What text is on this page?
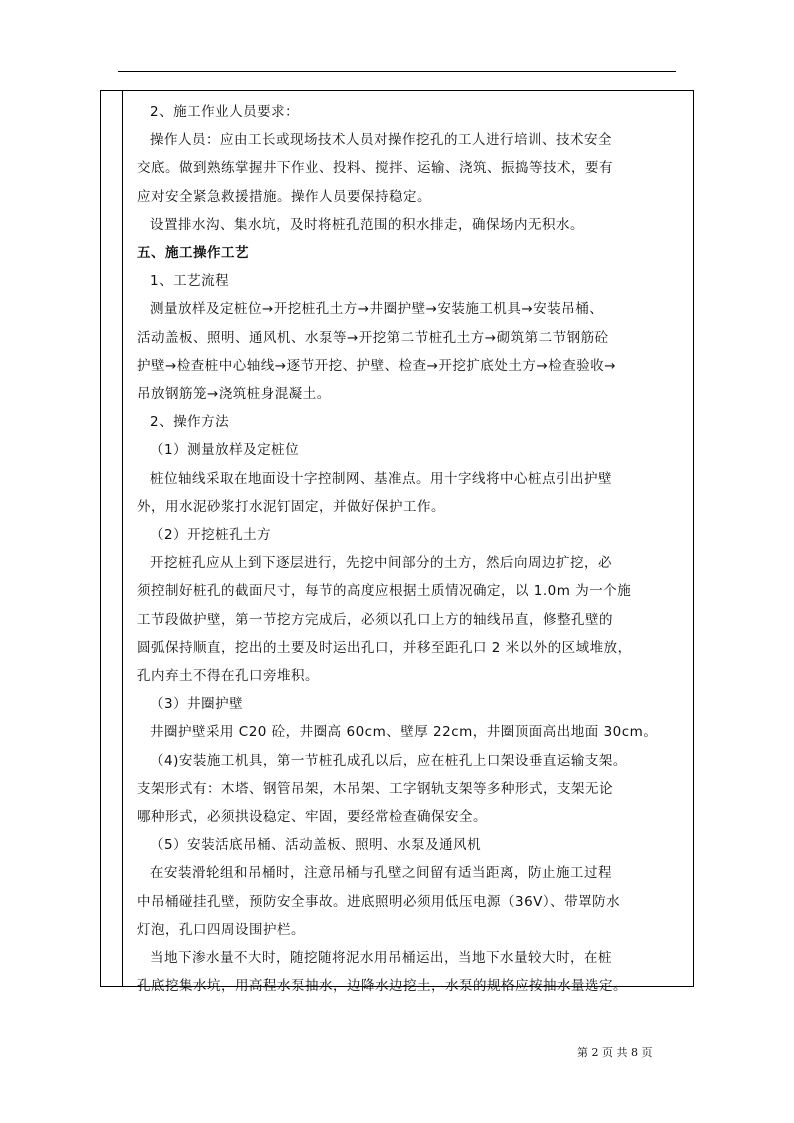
2、施工作业人员要求：

操作人员：应由工长或现场技术人员对操作挖孔的工人进行培训、技术安全

交底。做到熟练掌握井下作业、投料、搅拌、运输、浇筑、振捣等技术，要有

应对安全紧急救援措施。操作人员要保持稳定。

设置排水沟、集水坑，及时将桩孔范围的积水排走，确保场内无积水。

五、施工操作工艺

1、工艺流程

测量放样及定桩位→开挖桩孔土方→井圈护壁→安装施工机具→安装吊桶、

活动盖板、照明、通风机、水泵等→开挖第二节桩孔土方→砌筑第二节钢筋砼

护壁→检查桩中心轴线→逐节开挖、护壁、检查→开挖扩底处土方→检查验收→

吊放钢筋笼→浇筑桩身混凝土。

2、操作方法

（1）测量放样及定桩位

桩位轴线采取在地面设十字控制网、基准点。用十字线将中心桩点引出护壁

外，用水泥砂浆打水泥钉固定，并做好保护工作。

（2）开挖桩孔土方

开挖桩孔应从上到下逐层进行，先挖中间部分的土方，然后向周边扩挖，必

须控制好桩孔的截面尺寸，每节的高度应根据土质情况确定，以 1.0m 为一个施

工节段做护壁，第一节挖方完成后，必须以孔口上方的轴线吊直，修整孔壁的

圆弧保持顺直，挖出的土要及时运出孔口，并移至距孔口 2 米以外的区域堆放，

孔内弃土不得在孔口旁堆积。

（3）井圈护壁

井圈护壁采用 C20 砼，井圈高 60cm、壁厚 22cm，井圈顶面高出地面 30cm。

（4)安装施工机具，第一节桩孔成孔以后，应在桩孔上口架设垂直运输支架。

支架形式有：木塔、钢管吊架，木吊架、工字钢轨支架等多种形式，支架无论

哪种形式，必须拱设稳定、牢固，要经常检查确保安全。

（5）安装活底吊桶、活动盖板、照明、水泵及通风机

在安装滑轮组和吊桶时，注意吊桶与孔壁之间留有适当距离，防止施工过程

中吊桶碰挂孔壁，预防安全事故。进底照明必须用低压电源（36V）、带罩防水

灯泡，孔口四周设围护栏。

当地下渗水量不大时，随挖随将泥水用吊桶运出，当地下水量较大时，在桩

孔底挖集水坑，用高程水泵抽水，边降水边挖土，水泵的规格应按抽水量选定。

第 2 页 共 8 页
